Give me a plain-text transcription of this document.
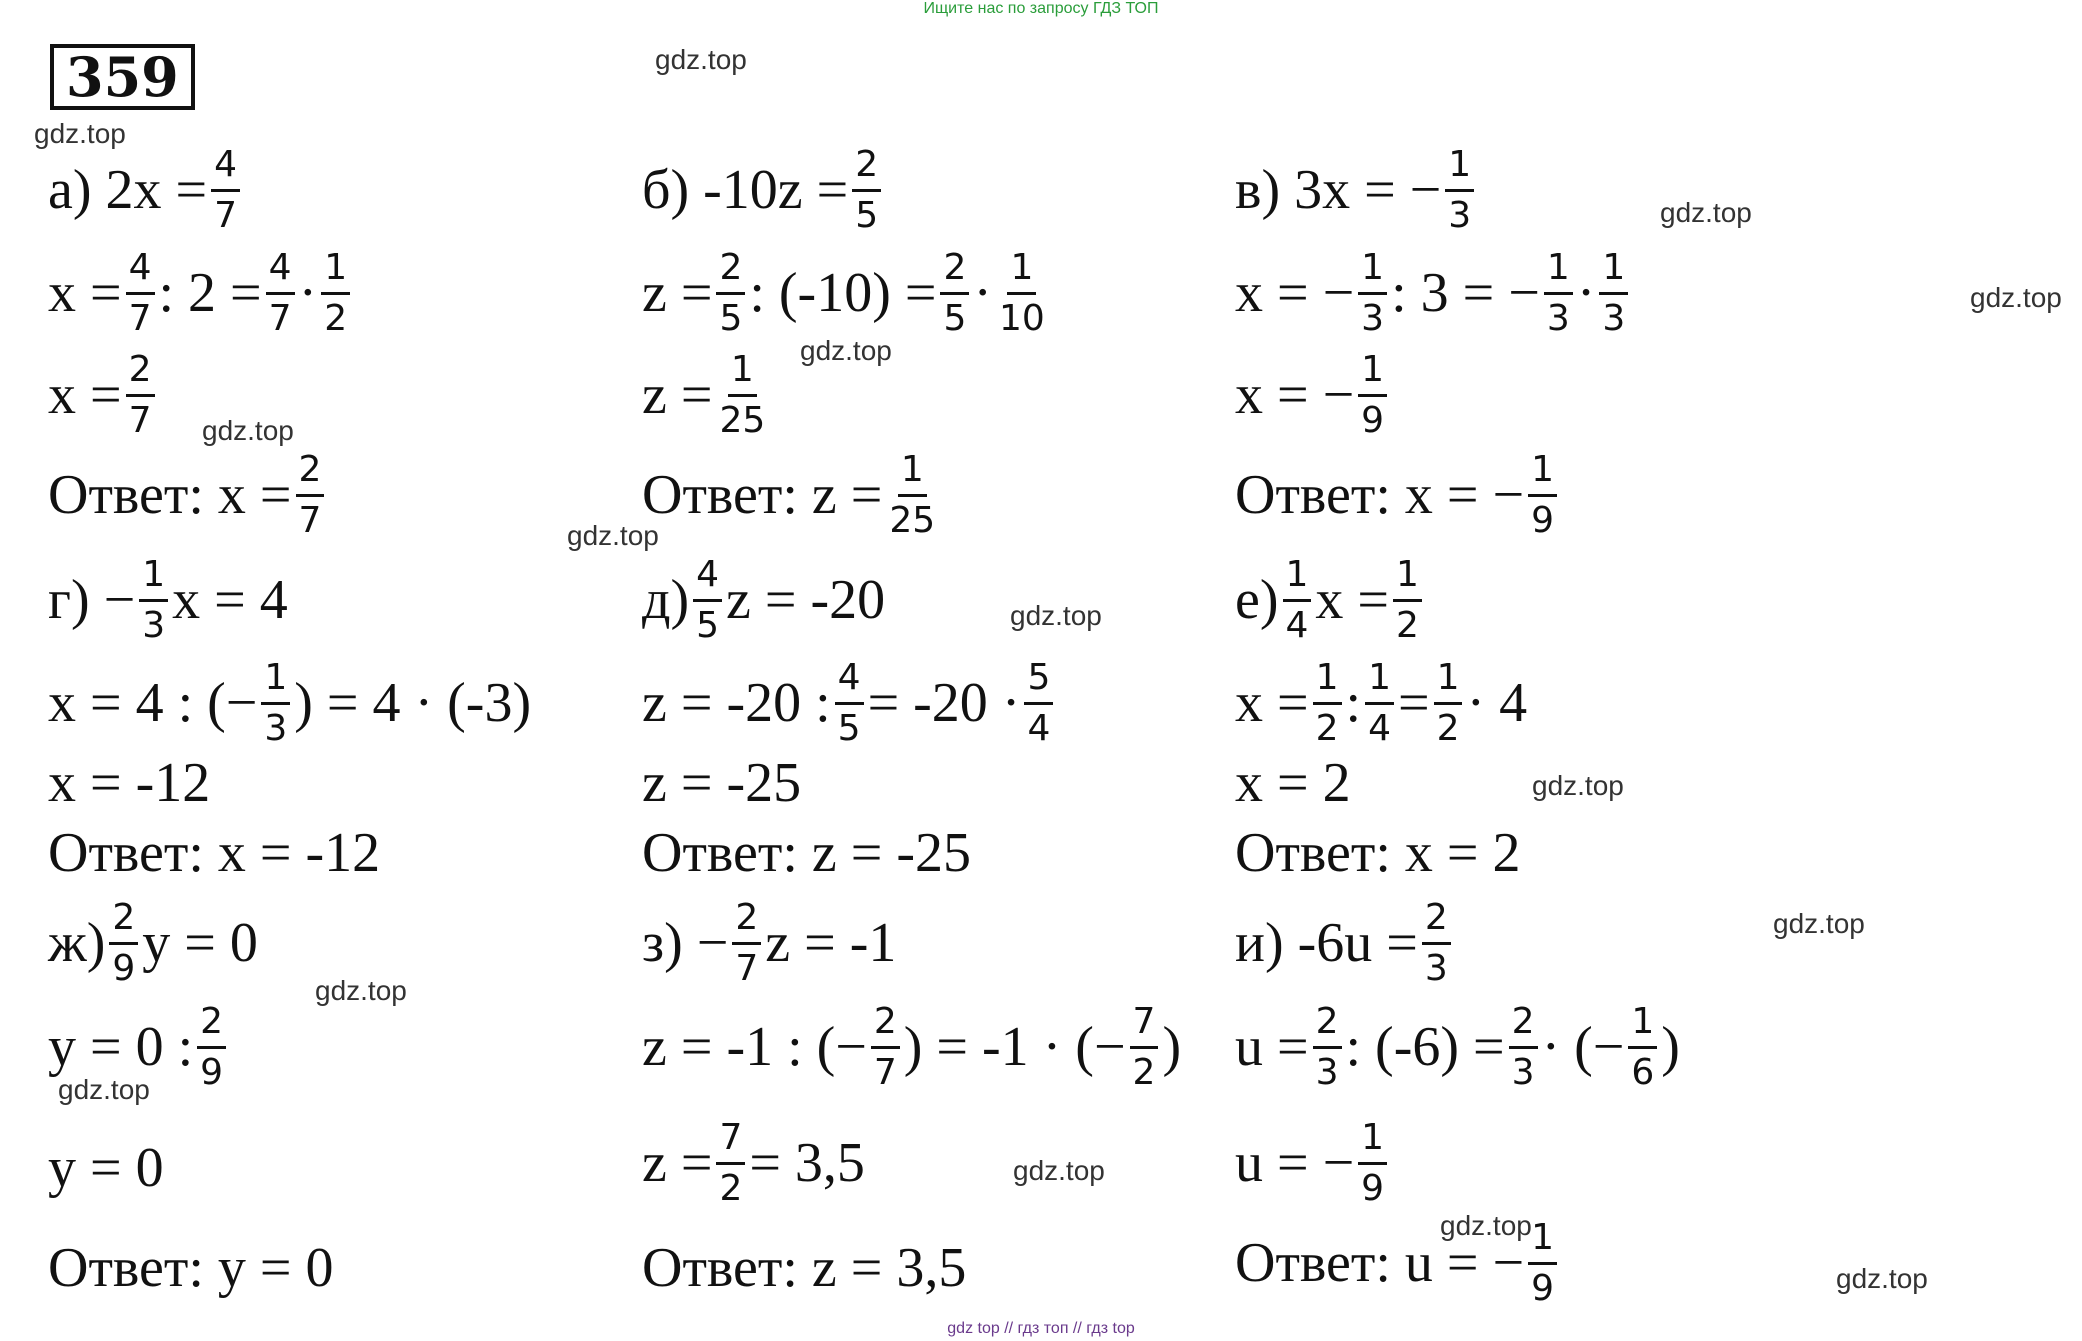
Ищите нас по запросу ГДЗ ТОП
359	gdz.top
gdz.top
gdz.top
gdz.top
gdz.top
gdz.top
gdz.top
gdz.top
gdz.top
gdz.top
gdz.top
gdz.top
gdz.top
gdz.top
gdz.top
а) $2x = \frac{4}{7}$
$x = \frac{4}{7}$ : $2 = \frac{4}{7} \cdot \frac{1}{2}$
$x = \frac{2}{7}$
Ответ:
$x = \frac{2}{7}$
$г) - \frac{1}{3}$ x = 4
x = 4 : (− $\frac{1}{3}$ ) = 4 · (-3)
x = -12
Ответ:
x = -12
$ж) \frac{2}{9}$ y = 0
y = 0 : $\frac{2}{9}$
y = 0
Ответ:
y = 0
б) $-10z = \frac{2}{5}$
$z = \frac{2}{5}$ : $(-10) = \frac{2}{5} \cdot \frac{1}{10}$
$z = \frac{1}{25}$
Ответ:
$z = \frac{1}{25}$
$д) \frac{4}{5}$ z = -20
z = -20 : $\frac{4}{5} = -20 \cdot \frac{5}{4}$
z = -25
Ответ:
z = -25
$з) - \frac{2}{7}$ z = -1
z = -1 : (− $\frac{2}{7}$ ) = -1 · (− $\frac{7}{2}$ )
$z = \frac{7}{2} = 3,5$
Ответ:
z = 3,5
в) 3x = − $\frac{1}{3}$
x = − $\frac{1}{3}$ : 3 = − $\frac{1}{3} \cdot \frac{1}{3}$
x = − $\frac{1}{9}$
Ответ:
x = − $\frac{1}{9}$
$е) \frac{1}{4}$ $x = \frac{1}{2}$
$x = \frac{1}{2}$ : $\frac{1}{4} = \frac{1}{2} \cdot 4$
x = 2
Ответ:
x = 2
и) $-6u = \frac{2}{3}$
$u = \frac{2}{3}$ : $(-6) = \frac{2}{3}$ · (− $\frac{1}{6}$ )
u = − $\frac{1}{9}$
Ответ:
u = − $\frac{1}{9}$
gdz top // гдз топ // гдз top
